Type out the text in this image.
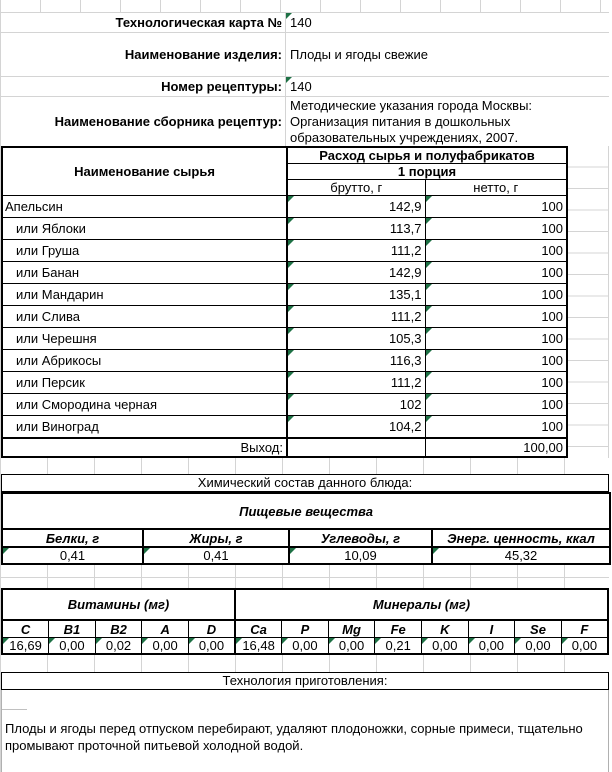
Технологическая карта № 140
Наименование изделия: Плоды и ягоды свежие
Номер рецептуры: 140
Наименование сборника рецептур:
Методические указания города Москвы:
Организация питания в дошкольных
образовательных учреждениях, 2007.
Наименование сырья	Расход сырья и полуфабрикатов	
	1 порция	
	брутто, г	нетто, г
Апельсин	142,9	100
или Яблоки	113,7	100
или Груша	111,2	100
или Банан	142,9	100
или Мандарин	135,1	100
или Слива	111,2	100
или Черешня	105,3	100
или Абрикосы	116,3	100
или Персик	111,2	100
или Смородина черная	102	100
или Виноград	104,2	100
Выход:		100,00
Химический состав данного блюда:
Пищевые вещества			
Белки, г	Жиры, г	Углеводы, г	Энерг. ценность, ккал

0,41	0,41	10,09	45,32
Витамины (мг)					Минералы (мг)							
C	B1	B2	A	D	Ca	P	Mg	Fe	K	I	Se	F

16,69	0,00	0,02	0,00	0,00	16,48	0,00	0,00	0,21	0,00	0,00	0,00	0,00
Технология приготовления:
Плоды и ягоды перед отпуском перебирают, удаляют плодоножки, сорные примеси, тщательно промывают проточной питьевой холодной водой.
